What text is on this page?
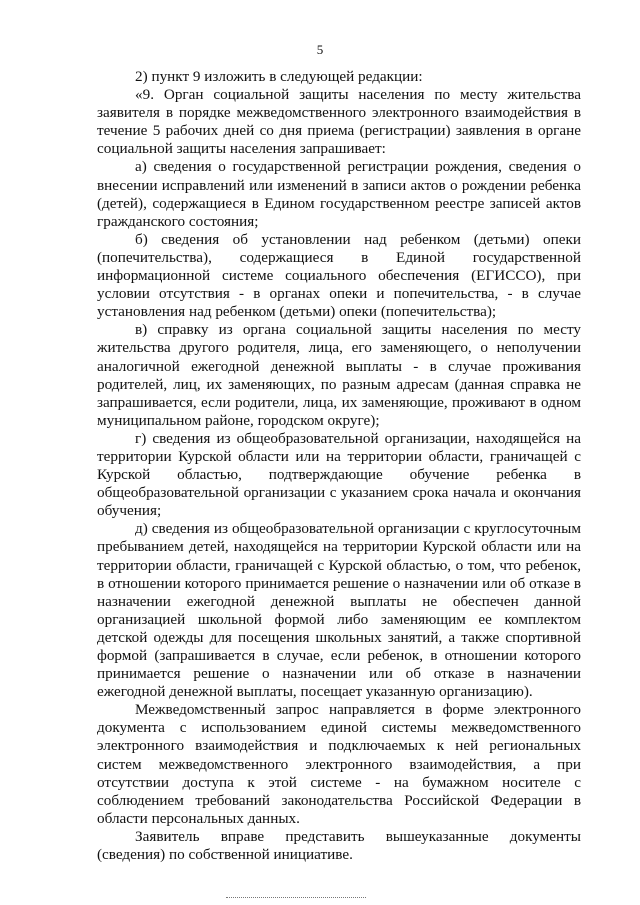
5

2) пункт 9 изложить в следующей редакции:

«9. Орган социальной защиты населения по месту жительства заявителя в порядке межведомственного электронного взаимодействия в течение 5 рабочих дней со дня приема (регистрации) заявления в органе социальной защиты населения запрашивает:

а) сведения о государственной регистрации рождения, сведения о внесении исправлений или изменений в записи актов о рождении ребенка (детей), содержащиеся в Едином государственном реестре записей актов гражданского состояния;

б) сведения об установлении над ребенком (детьми) опеки (попечительства), содержащиеся в Единой государственной информационной системе социального обеспечения (ЕГИССО), при условии отсутствия - в органах опеки и попечительства, - в случае установления над ребенком (детьми) опеки (попечительства);

в) справку из органа социальной защиты населения по месту жительства другого родителя, лица, его заменяющего, о неполучении аналогичной ежегодной денежной выплаты - в случае проживания родителей, лиц, их заменяющих, по разным адресам (данная справка не запрашивается, если родители, лица, их заменяющие, проживают в одном муниципальном районе, городском округе);

г) сведения из общеобразовательной организации, находящейся на территории Курской области или на территории области, граничащей с Курской областью, подтверждающие обучение ребенка в общеобразовательной организации с указанием срока начала и окончания обучения;

д) сведения из общеобразовательной организации с круглосуточным пребыванием детей, находящейся на территории Курской области или на территории области, граничащей с Курской областью, о том, что ребенок, в отношении которого принимается решение о назначении или об отказе в назначении ежегодной денежной выплаты не обеспечен данной организацией школьной формой либо заменяющим ее комплектом детской одежды для посещения школьных занятий, а также спортивной формой (запрашивается в случае, если ребенок, в отношении которого принимается решение о назначении или об отказе в назначении ежегодной денежной выплаты, посещает указанную организацию).

Межведомственный запрос направляется в форме электронного документа с использованием единой системы межведомственного электронного взаимодействия и подключаемых к ней региональных систем межведомственного электронного взаимодействия, а при отсутствии доступа к этой системе - на бумажном носителе с соблюдением требований законодательства Российской Федерации в области персональных данных.

Заявитель вправе представить вышеуказанные документы (сведения) по собственной инициативе.
